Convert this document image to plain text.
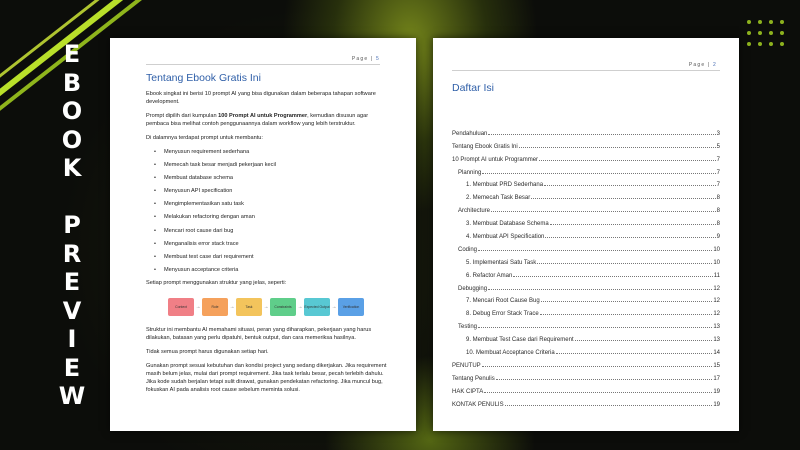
E
B
O
O
K
P
R
E
V
I
E
W
Page | 5
Tentang Ebook Gratis Ini

Ebook singkat ini berisi 10 prompt AI yang bisa digunakan dalam beberapa tahapan software development.

Prompt dipilih dari kumpulan 100 Prompt AI untuk Programmer, kemudian disusun agar pembaca bisa melihat contoh penggunaannya dalam workflow yang lebih terstruktur.

Di dalamnya terdapat prompt untuk membantu:

•	Menyusun requirement sederhana
•	Memecah task besar menjadi pekerjaan kecil
•	Membuat database schema
•	Menyusun API specification
•	Mengimplementasikan satu task
•	Melakukan refactoring dengan aman
•	Mencari root cause dari bug
•	Menganalisis error stack trace
•	Membuat test case dari requirement
•	Menyusun acceptance criteria

Setiap prompt menggunakan struktur yang jelas, seperti:

Context	→	Role	→	Task	→	Constraints	→ Expected Output →	Verification

Struktur ini membantu AI memahami situasi, peran yang diharapkan, pekerjaan yang harus dilakukan, batasan yang perlu dipatuhi, bentuk output, dan cara memeriksa hasilnya.

Tidak semua prompt harus digunakan setiap hari.

Gunakan prompt sesuai kebutuhan dan kondisi project yang sedang dikerjakan. Jika requirement masih belum jelas, mulai dari prompt requirement. Jika task terlalu besar, pecah terlebih dahulu. Jika kode sudah berjalan tetapi sulit dirawat, gunakan pendekatan refactoring. Jika muncul bug, fokuskan AI pada analisis root cause sebelum meminta solusi.

Page | 2
Daftar Isi
Pendahuluan	3
Tentang Ebook Gratis Ini	5
10 Prompt AI untuk Programmer	7
Planning	7
1. Membuat PRD Sederhana	7
2. Memecah Task Besar	8
Architecture	8
3. Membuat Database Schema	8
4. Membuat API Specification	9
Coding	10
5. Implementasi Satu Task	10
6. Refactor Aman	11
Debugging	12
7. Mencari Root Cause Bug	12
8. Debug Error Stack Trace	12
Testing	13
9. Membuat Test Case dari Requirement	13
10. Membuat Acceptance Criteria	14
PENUTUP	15
Tentang Penulis	17
HAK CIPTA	19
KONTAK PENULIS	19
